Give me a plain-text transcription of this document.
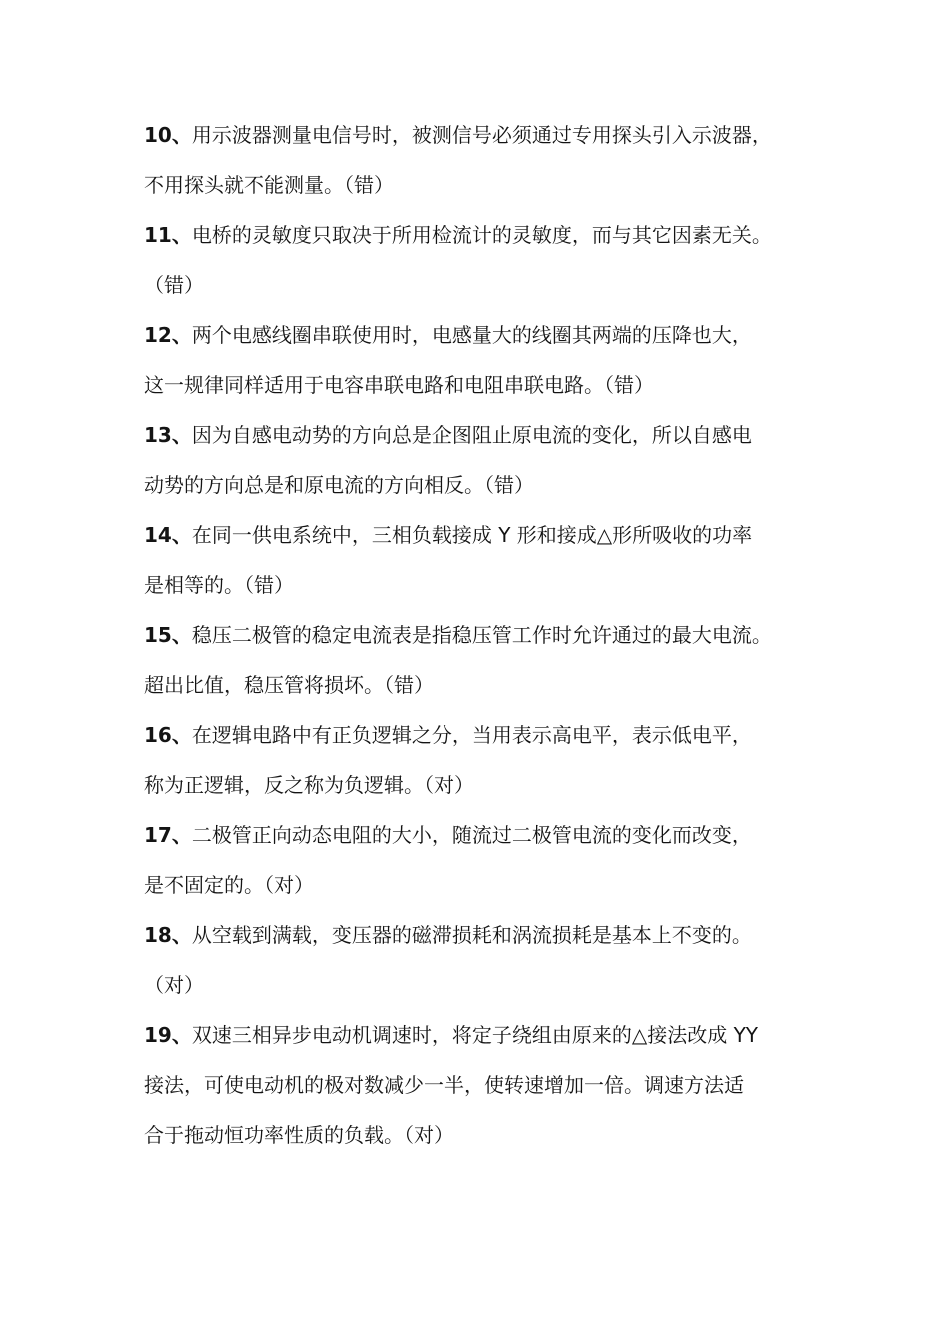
10、用示波器测量电信号时，被测信号必须通过专用探头引入示波器，
不用探头就不能测量。（错）
11、电桥的灵敏度只取决于所用检流计的灵敏度，而与其它因素无关。
（错）
12、两个电感线圈串联使用时，电感量大的线圈其两端的压降也大，
这一规律同样适用于电容串联电路和电阻串联电路。（错）
13、因为自感电动势的方向总是企图阻止原电流的变化，所以自感电
动势的方向总是和原电流的方向相反。（错）
14、在同一供电系统中，三相负载接成 Y 形和接成△形所吸收的功率
是相等的。（错）
15、稳压二极管的稳定电流表是指稳压管工作时允许通过的最大电流。
超出比值，稳压管将损坏。（错）
16、在逻辑电路中有正负逻辑之分，当用表示高电平，表示低电平，
称为正逻辑，反之称为负逻辑。（对）
17、二极管正向动态电阻的大小，随流过二极管电流的变化而改变，
是不固定的。（对）
18、从空载到满载，变压器的磁滞损耗和涡流损耗是基本上不变的。
（对）
19、双速三相异步电动机调速时，将定子绕组由原来的△接法改成 YY
接法，可使电动机的极对数减少一半，使转速增加一倍。调速方法适
合于拖动恒功率性质的负载。（对）
